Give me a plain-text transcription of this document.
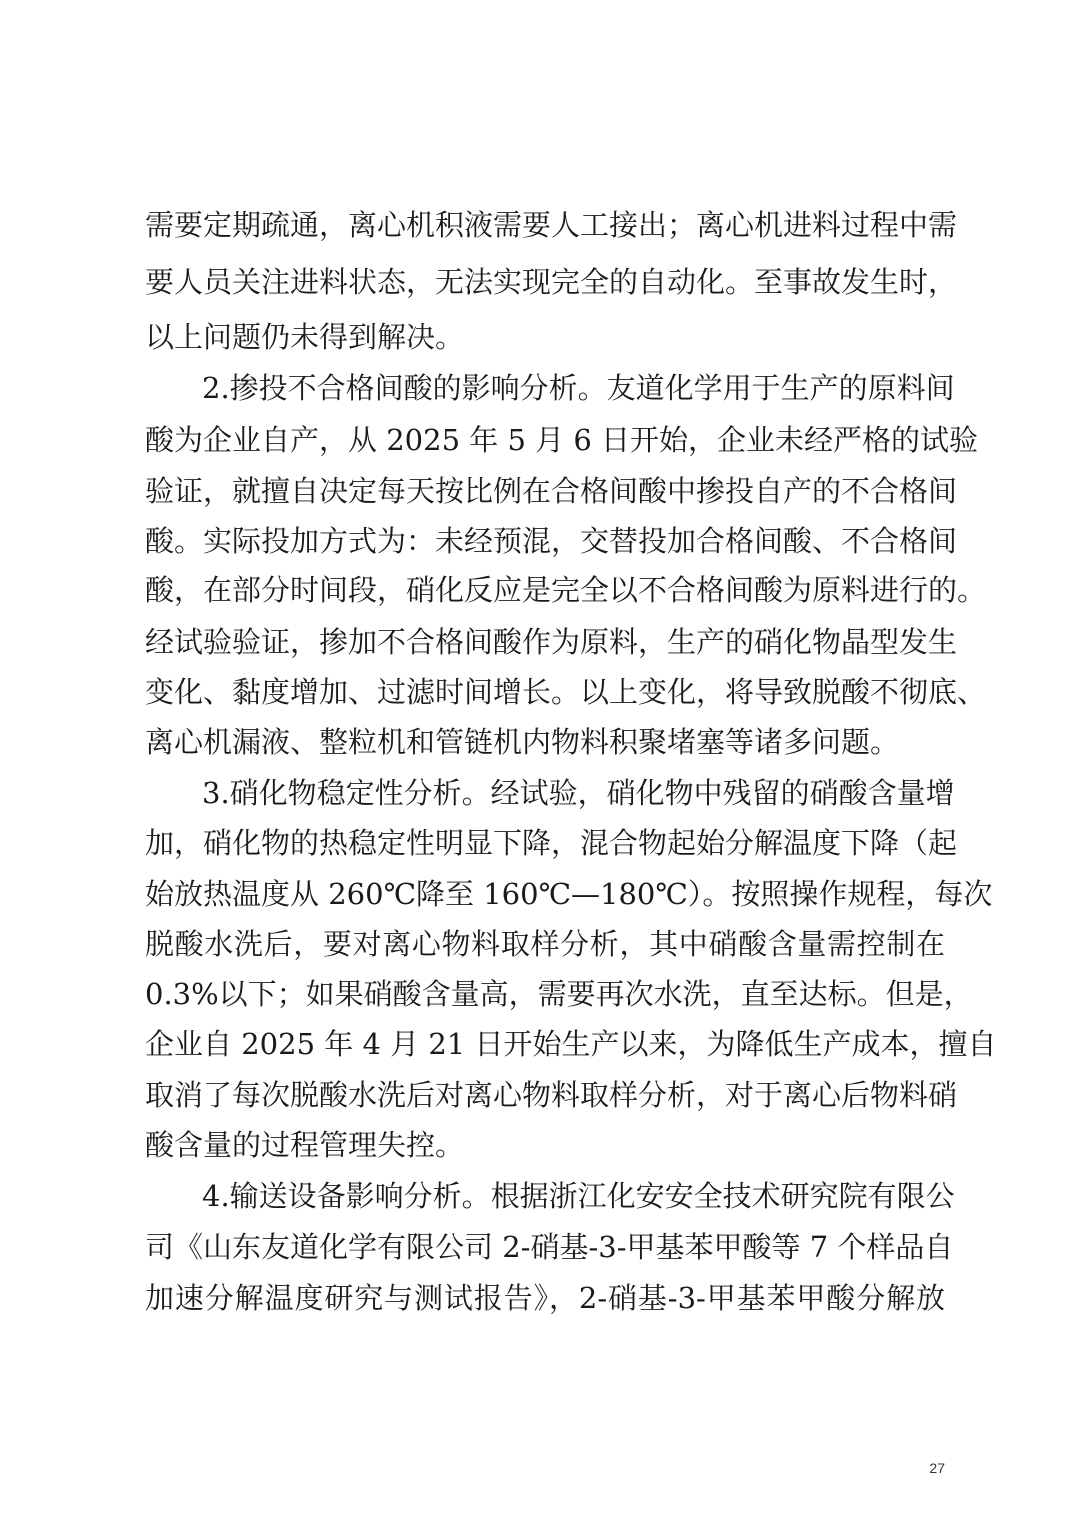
需要定期疏通，离心机积液需要人工接出；离心机进料过程中需
要人员关注进料状态，无法实现完全的自动化。至事故发生时，
以上问题仍未得到解决。
2.掺投不合格间酸的影响分析。友道化学用于生产的原料间
酸为企业自产，从 2025 年 5 月 6 日开始，企业未经严格的试验
验证，就擅自决定每天按比例在合格间酸中掺投自产的不合格间
酸。实际投加方式为：未经预混，交替投加合格间酸、不合格间
酸，在部分时间段，硝化反应是完全以不合格间酸为原料进行的。
经试验验证，掺加不合格间酸作为原料，生产的硝化物晶型发生
变化、黏度增加、过滤时间增长。以上变化，将导致脱酸不彻底、
离心机漏液、整粒机和管链机内物料积聚堵塞等诸多问题。
3.硝化物稳定性分析。经试验，硝化物中残留的硝酸含量增
加，硝化物的热稳定性明显下降，混合物起始分解温度下降（起
始放热温度从 260℃降至 160℃—180℃）。按照操作规程，每次
脱酸水洗后，要对离心物料取样分析，其中硝酸含量需控制在
0.3%以下；如果硝酸含量高，需要再次水洗，直至达标。但是，
企业自 2025 年 4 月 21 日开始生产以来，为降低生产成本，擅自
取消了每次脱酸水洗后对离心物料取样分析，对于离心后物料硝
酸含量的过程管理失控。
4.输送设备影响分析。根据浙江化安安全技术研究院有限公
司《山东友道化学有限公司 2-硝基-3-甲基苯甲酸等 7 个样品自
加速分解温度研究与测试报告》，2-硝基-3-甲基苯甲酸分解放
27
